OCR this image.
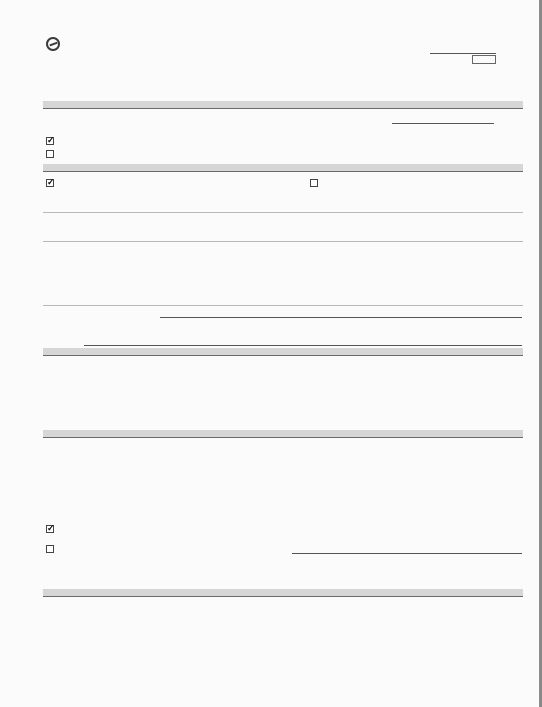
✓
✓
✓
